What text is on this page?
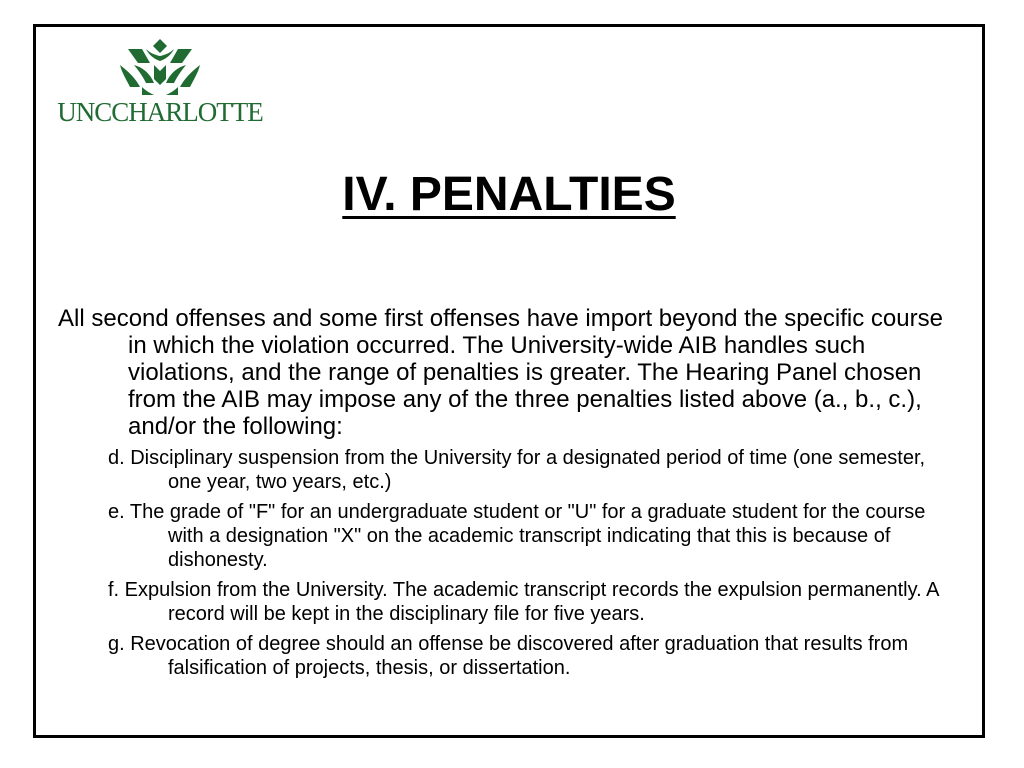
UNCCHARLOTTE
IV. PENALTIES

All second offenses and some first offenses have import beyond the specific course in which the violation occurred. The University-wide AIB handles such violations, and the range of penalties is greater. The Hearing Panel chosen from the AIB may impose any of the three penalties listed above (a., b., c.), and/or the following:

d. Disciplinary suspension from the University for a designated period of time (one semester, one year, two years, etc.)
e. The grade of "F" for an undergraduate student or "U" for a graduate student for the course with a designation "X" on the academic transcript indicating that this is because of dishonesty.
f. Expulsion from the University. The academic transcript records the expulsion permanently. A record will be kept in the disciplinary file for five years.
g. Revocation of degree should an offense be discovered after graduation that results from falsification of projects, thesis, or dissertation.
